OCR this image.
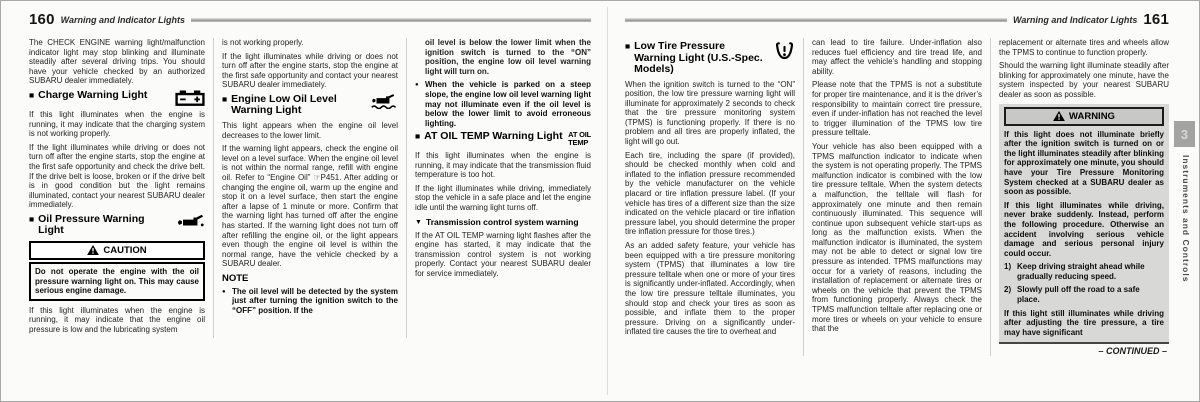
160 Warning and Indicator Lights

The CHECK ENGINE warning light/malfunction indicator light may stop blinking and illuminate steadily after several driving trips. You should have your vehicle checked by an authorized SUBARU dealer immediately.

■ Charge Warning Light

If this light illuminates when the engine is running, it may indicate that the charging system is not working properly.

If the light illuminates while driving or does not turn off after the engine starts, stop the engine at the first safe opportunity and check the drive belt. If the drive belt is loose, broken or if the drive belt is in good condition but the light remains illuminated, contact your nearest SUBARU dealer immediately.

■ Oil Pressure Warning Light
CAUTION
Do not operate the engine with the oil pressure warning light on. This may cause serious engine damage.

If this light illuminates when the engine is running, it may indicate that the engine oil pressure is low and the lubricating system

is not working properly.

If the light illuminates while driving or does not turn off after the engine starts, stop the engine at the first safe opportunity and contact your nearest SUBARU dealer immediately.

■ Engine Low Oil Level Warning Light

This light appears when the engine oil level decreases to the lower limit.

If the warning light appears, check the engine oil level on a level surface. When the engine oil level is not within the normal range, refill with engine oil. Refer to “Engine Oil” ☞P451. After adding or changing the engine oil, warm up the engine and stop it on a level surface, then start the engine after a lapse of 1 minute or more. Confirm that the warning light has turned off after the engine has started. If the warning light does not turn off after refilling the engine oil, or the light appears even though the engine oil level is within the normal range, have the vehicle checked by a SUBARU dealer.

NOTE
● The oil level will be detected by the system just after turning the ignition switch to the “OFF” position. If the

oil level is below the lower limit when the ignition switch is turned to the “ON” position, the engine low oil level warning light will turn on.

● When the vehicle is parked on a steep slope, the engine low oil level warning light may not illuminate even if the oil level is below the lower limit to avoid erroneous lighting.
■ AT OIL TEMP Warning Light AT OIL
TEMP

If this light illuminates when the engine is running, it may indicate that the transmission fluid temperature is too hot.

If the light illuminates while driving, immediately stop the vehicle in a safe place and let the engine idle until the warning light turns off.

▼ Transmission control system warning

If the AT OIL TEMP warning light flashes after the engine has started, it may indicate that the transmission control system is not working properly. Contact your nearest SUBARU dealer for service immediately.

Warning and Indicator Lights 161
■ Low Tire Pressure Warning Light (U.S.-Spec. Models)

When the ignition switch is turned to the “ON” position, the low tire pressure warning light will illuminate for approximately 2 seconds to check that the tire pressure monitoring system (TPMS) is functioning properly. If there is no problem and all tires are properly inflated, the light will go out.

Each tire, including the spare (if provided), should be checked monthly when cold and inflated to the inflation pressure recommended by the vehicle manufacturer on the vehicle placard or tire inflation pressure label. (If your vehicle has tires of a different size than the size indicated on the vehicle placard or tire inflation pressure label, you should determine the proper tire inflation pressure for those tires.)

As an added safety feature, your vehicle has been equipped with a tire pressure monitoring system (TPMS) that illuminates a low tire pressure telltale when one or more of your tires is significantly under-inflated. Accordingly, when the low tire pressure telltale illuminates, you should stop and check your tires as soon as possible, and inflate them to the proper pressure. Driving on a significantly under-inflated tire causes the tire to overheat and

can lead to tire failure. Under-inflation also reduces fuel efficiency and tire tread life, and may affect the vehicle’s handling and stopping ability.

Please note that the TPMS is not a substitute for proper tire maintenance, and it is the driver’s responsibility to maintain correct tire pressure, even if under-inflation has not reached the level to trigger illumination of the TPMS low tire pressure telltale.

Your vehicle has also been equipped with a TPMS malfunction indicator to indicate when the system is not operating properly. The TPMS malfunction indicator is combined with the low tire pressure telltale. When the system detects a malfunction, the telltale will flash for approximately one minute and then remain continuously illuminated. This sequence will continue upon subsequent vehicle start-ups as long as the malfunction exists. When the malfunction indicator is illuminated, the system may not be able to detect or signal low tire pressure as intended. TPMS malfunctions may occur for a variety of reasons, including the installation of replacement or alternate tires or wheels on the vehicle that prevent the TPMS from functioning properly. Always check the TPMS malfunction telltale after replacing one or more tires or wheels on your vehicle to ensure that the

replacement or alternate tires and wheels allow the TPMS to continue to function properly.

Should the warning light illuminate steadily after blinking for approximately one minute, have the system inspected by your nearest SUBARU dealer as soon as possible.

WARNING

If this light does not illuminate briefly after the ignition switch is turned on or the light illuminates steadily after blinking for approximately one minute, you should have your Tire Pressure Monitoring System checked at a SUBARU dealer as soon as possible.

If this light illuminates while driving, never brake suddenly. Instead, perform the following procedure. Otherwise an accident involving serious vehicle damage and serious personal injury could occur.

1) Keep driving straight ahead while gradually reducing speed.
2) Slowly pull off the road to a safe place.

If this light still illuminates while driving after adjusting the tire pressure, a tire may have significant

– CONTINUED –
3
Instruments and Controls
